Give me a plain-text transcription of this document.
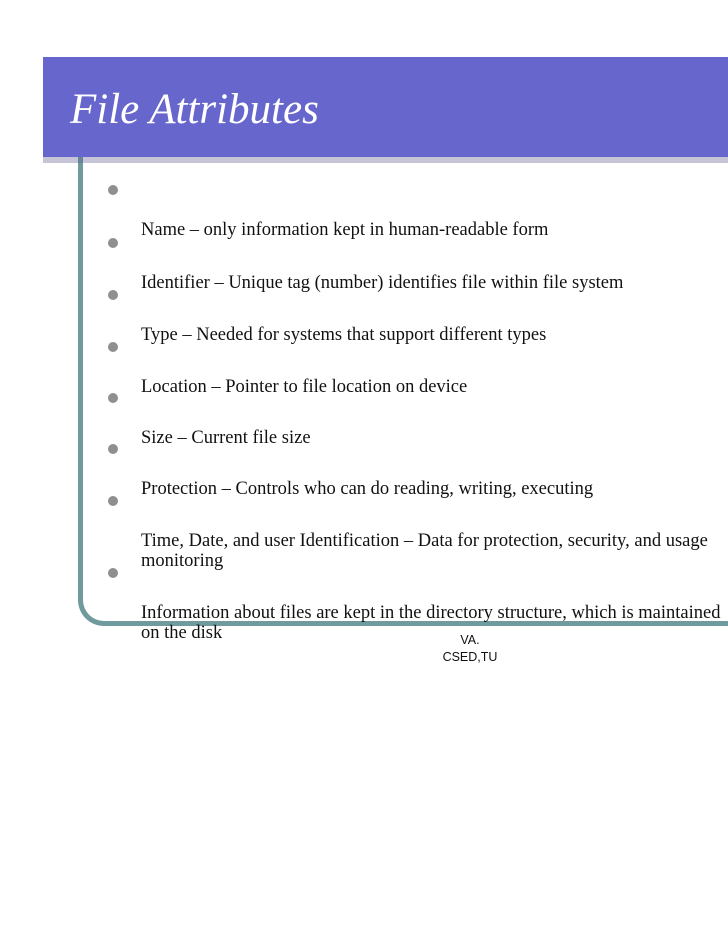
File Attributes

Name – only information kept in human-readable form

Identifier – Unique tag (number) identifies file within file system

Type – Needed for systems that support different types

Location – Pointer to file location on device

Size – Current file size

Protection – Controls who can do reading, writing, executing

Time, Date, and user Identification – Data for protection, security, and usage
monitoring

Information about files are kept in the directory structure, which is maintained
on the disk	VA.
CSED,TU
